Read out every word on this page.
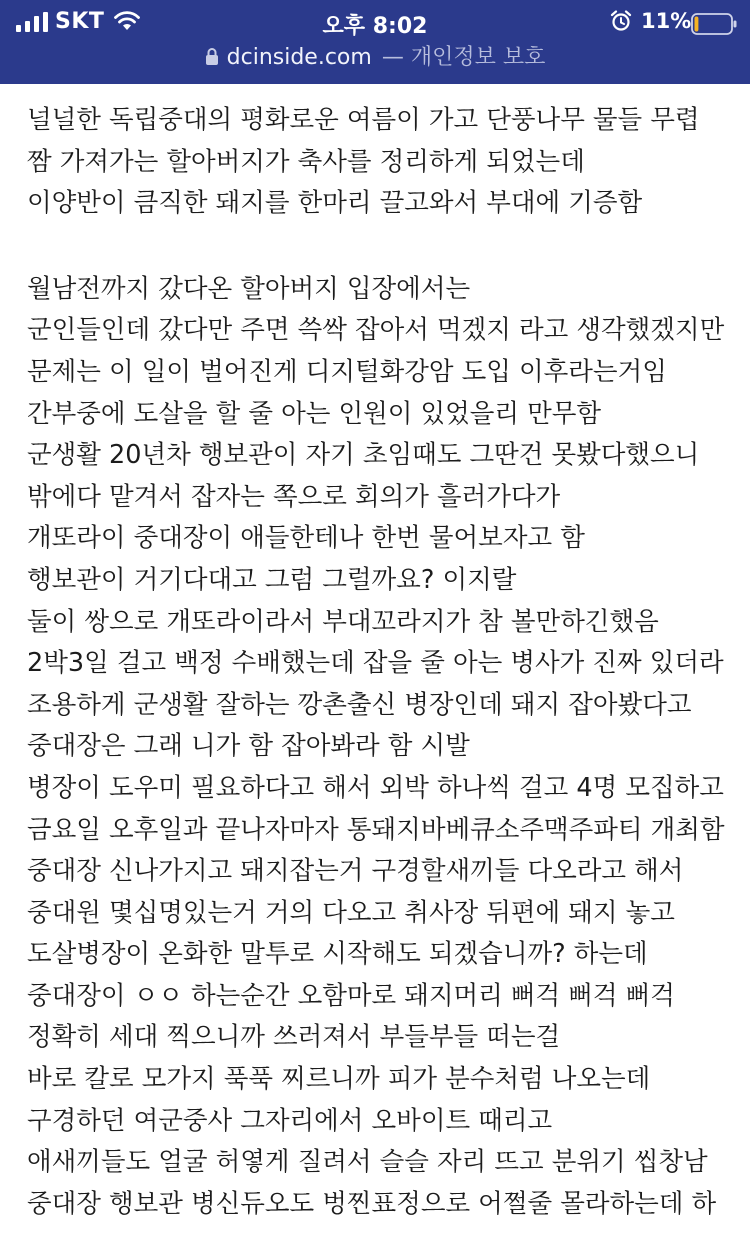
SKT	오후 8:02	11%
dcinside.com — 개인정보 보호
널널한 독립중대의 평화로운 여름이 가고 단풍나무 물들 무렵
짬 가져가는 할아버지가 축사를 정리하게 되었는데
이양반이 큼직한 돼지를 한마리 끌고와서 부대에 기증함
월남전까지 갔다온 할아버지 입장에서는
군인들인데 갔다만 주면 쓱싹 잡아서 먹겠지 라고 생각했겠지만
문제는 이 일이 벌어진게 디지털화강암 도입 이후라는거임
간부중에 도살을 할 줄 아는 인원이 있었을리 만무함
군생활 20년차 행보관이 자기 초임때도 그딴건 못봤다했으니
밖에다 맡겨서 잡자는 쪽으로 회의가 흘러가다가
개또라이 중대장이 애들한테나 한번 물어보자고 함
행보관이 거기다대고 그럼 그럴까요? 이지랄
둘이 쌍으로 개또라이라서 부대꼬라지가 참 볼만하긴했음
2박3일 걸고 백정 수배했는데 잡을 줄 아는 병사가 진짜 있더라
조용하게 군생활 잘하는 깡촌출신 병장인데 돼지 잡아봤다고
중대장은 그래 니가 함 잡아봐라 함 시발
병장이 도우미 필요하다고 해서 외박 하나씩 걸고 4명 모집하고
금요일 오후일과 끝나자마자 통돼지바베큐소주맥주파티 개최함
중대장 신나가지고 돼지잡는거 구경할새끼들 다오라고 해서
중대원 몇십명있는거 거의 다오고 취사장 뒤편에 돼지 놓고
도살병장이 온화한 말투로 시작해도 되겠습니까? 하는데
중대장이 ㅇㅇ 하는순간 오함마로 돼지머리 뻐걱 뻐걱 뻐걱
정확히 세대 찍으니까 쓰러져서 부들부들 떠는걸
바로 칼로 모가지 푹푹 찌르니까 피가 분수처럼 나오는데
구경하던 여군중사 그자리에서 오바이트 때리고
애새끼들도 얼굴 허옇게 질려서 슬슬 자리 뜨고 분위기 씹창남
중대장 행보관 병신듀오도 벙찐표정으로 어쩔줄 몰라하는데 하
